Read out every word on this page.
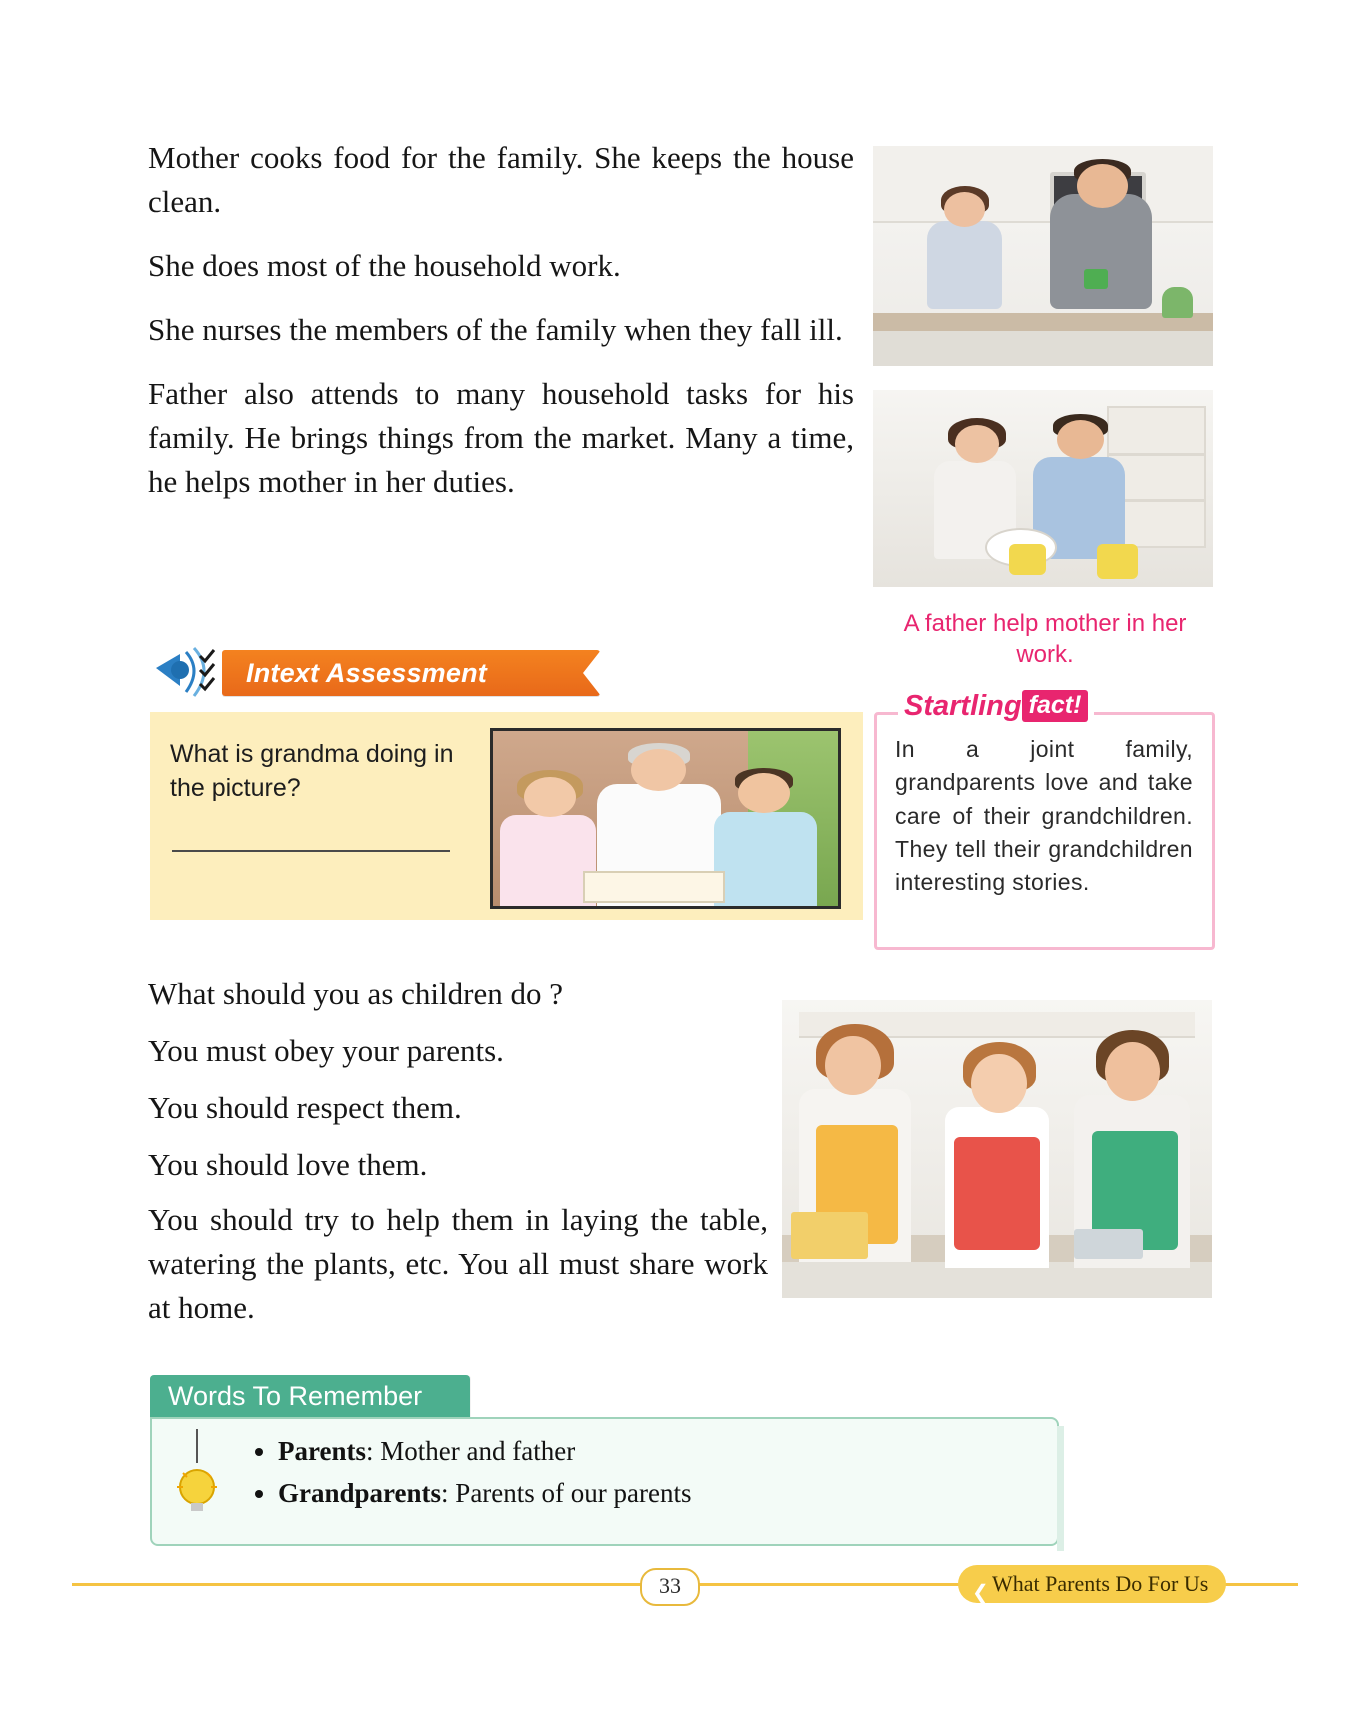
Mother cooks food for the family. She keeps the house clean.

She does most of the household work.

She nurses the members of the family when they fall ill.

Father also attends to many household tasks for his family. He brings things from the market. Many a time, he helps mother in her duties.

A father help mother in her work.
Intext Assessment
What is grandma doing in the picture?
In a joint family, grandparents love and take care of their grandchildren. They tell their grandchildren interesting stories.
Startling fact!

What should you as children do ?

You must obey your parents.

You should respect them.

You should love them.

You should try to help them in laying the table, watering the plants, etc. You all must share work at home.

Words To Remember
• Parents: Mother and father
• Grandparents: Parents of our parents
33	❮ What Parents Do For Us
